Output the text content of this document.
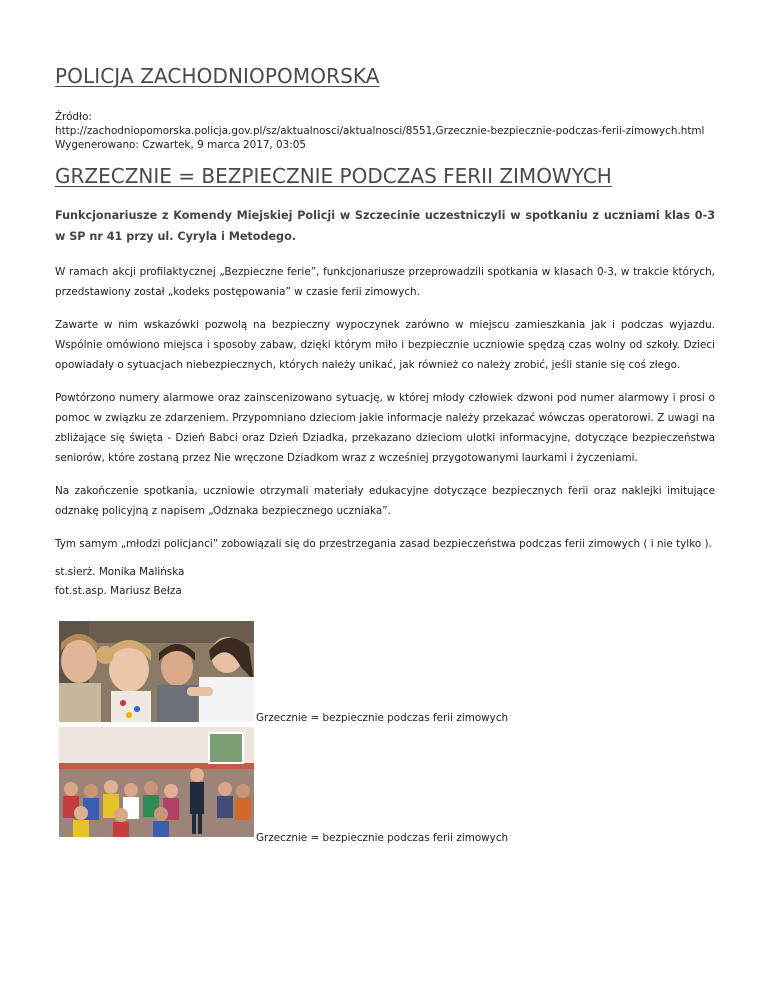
POLICJA ZACHODNIOPOMORSKA
Źródło:
http://zachodniopomorska.policja.gov.pl/sz/aktualnosci/aktualnosci/8551,Grzecznie-bezpiecznie-podczas-ferii-zimowych.html
Wygenerowano: Czwartek, 9 marca 2017, 03:05
GRZECZNIE = BEZPIECZNIE PODCZAS FERII ZIMOWYCH

Funkcjonariusze z Komendy Miejskiej Policji w Szczecinie uczestniczyli w spotkaniu z uczniami klas 0-3 w SP nr 41 przy ul. Cyryla i Metodego.

W ramach akcji profilaktycznej „Bezpieczne ferie”, funkcjonariusze przeprowadzili spotkania w klasach 0-3, w trakcie których, przedstawiony został „kodeks postępowania” w czasie ferii zimowych.

Zawarte w nim wskazówki pozwolą na bezpieczny wypoczynek zarówno w miejscu zamieszkania jak i podczas wyjazdu. Wspólnie omówiono miejsca i sposoby zabaw, dzięki którym miło i bezpiecznie uczniowie spędzą czas wolny od szkoły. Dzieci opowiadały o sytuacjach niebezpiecznych, których należy unikać, jak również co należy zrobić, jeśli stanie się coś złego.

Powtórzono numery alarmowe oraz zainscenizowano sytuację, w której młody człowiek dzwoni pod numer alarmowy i prosi o pomoc w związku ze zdarzeniem. Przypomniano dzieciom jakie informacje należy przekazać wówczas operatorowi. Z uwagi na zbliżające się święta - Dzień Babci oraz Dzień Dziadka, przekazano dzieciom ulotki informacyjne, dotyczące bezpieczeństwa seniorów, które zostaną przez Nie wręczone Dziadkom wraz z wcześniej przygotowanymi laurkami i życzeniami.

Na zakończenie spotkania, uczniowie otrzymali materiały edukacyjne dotyczące bezpiecznych ferii oraz naklejki imitujące odznakę policyjną z napisem „Odznaka bezpiecznego uczniaka”.

Tym samym „młodzi policjanci” zobowiązali się do przestrzegania zasad bezpieczeństwa podczas ferii zimowych ( i nie tylko ).

st.sierż. Monika Malińska
fot.st.asp. Mariusz Bełza
Grzecznie = bezpiecznie podczas ferii zimowych
Grzecznie = bezpiecznie podczas ferii zimowych
